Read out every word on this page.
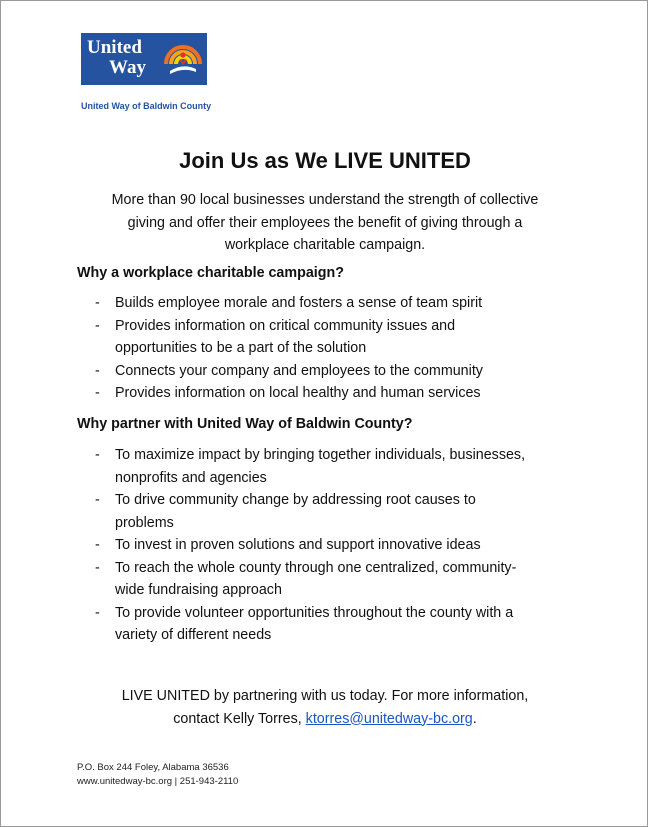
United
Way
United Way of Baldwin County
Join Us as We LIVE UNITED
More than 90 local businesses understand the strength of collective
giving and offer their employees the benefit of giving through a
workplace charitable campaign.
Why a workplace charitable campaign?
- Builds employee morale and fosters a sense of team spirit
- Provides information on critical community issues and
opportunities to be a part of the solution
- Connects your company and employees to the community
- Provides information on local healthy and human services
Why partner with United Way of Baldwin County?
- To maximize impact by bringing together individuals, businesses,
nonprofits and agencies
- To drive community change by addressing root causes to
problems
- To invest in proven solutions and support innovative ideas
- To reach the whole county through one centralized, community-
wide fundraising approach
- To provide volunteer opportunities throughout the county with a
variety of different needs
LIVE UNITED by partnering with us today. For more information,
contact Kelly Torres, ktorres@unitedway-bc.org.
P.O. Box 244 Foley, Alabama 36536
www.unitedway-bc.org | 251-943-2110
